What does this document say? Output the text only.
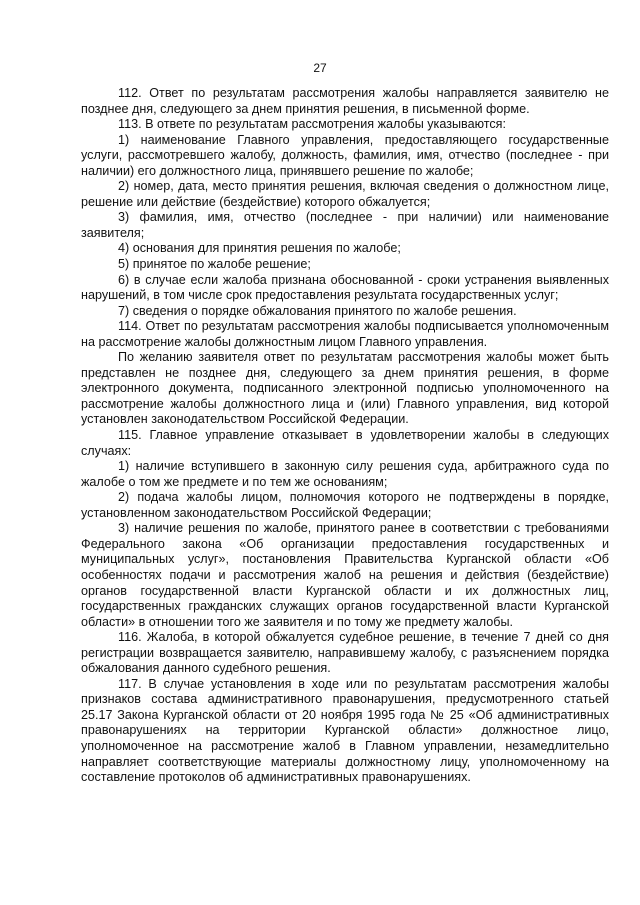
27

112. Ответ по результатам рассмотрения жалобы направляется заявителю не позднее дня, следующего за днем принятия решения, в письменной форме.

113. В ответе по результатам рассмотрения жалобы указываются:

1) наименование Главного управления, предоставляющего государственные услуги, рассмотревшего жалобу, должность, фамилия, имя, отчество (последнее - при наличии) его должностного лица, принявшего решение по жалобе;

2) номер, дата, место принятия решения, включая сведения о должностном лице, решение или действие (бездействие) которого обжалуется;

3) фамилия, имя, отчество (последнее - при наличии) или наименование заявителя;

4) основания для принятия решения по жалобе;

5) принятое по жалобе решение;

6) в случае если жалоба признана обоснованной - сроки устранения выявленных нарушений, в том числе срок предоставления результата государственных услуг;

7) сведения о порядке обжалования принятого по жалобе решения.

114. Ответ по результатам рассмотрения жалобы подписывается уполномоченным на рассмотрение жалобы должностным лицом Главного управления.

По желанию заявителя ответ по результатам рассмотрения жалобы может быть представлен не позднее дня, следующего за днем принятия решения, в форме электронного документа, подписанного электронной подписью уполномоченного на рассмотрение жалобы должностного лица и (или) Главного управления, вид которой установлен законодательством Российской Федерации.

115. Главное управление отказывает в удовлетворении жалобы в следующих случаях:

1) наличие вступившего в законную силу решения суда, арбитражного суда по жалобе о том же предмете и по тем же основаниям;

2) подача жалобы лицом, полномочия которого не подтверждены в порядке, установленном законодательством Российской Федерации;

3) наличие решения по жалобе, принятого ранее в соответствии с требованиями Федерального закона «Об организации предоставления государственных и муниципальных услуг», постановления Правительства Курганской области «Об особенностях подачи и рассмотрения жалоб на решения и действия (бездействие) органов государственной власти Курганской области и их должностных лиц, государственных гражданских служащих органов государственной власти Курганской области» в отношении того же заявителя и по тому же предмету жалобы.

116. Жалоба, в которой обжалуется судебное решение, в течение 7 дней со дня регистрации возвращается заявителю, направившему жалобу, с разъяснением порядка обжалования данного судебного решения.

117. В случае установления в ходе или по результатам рассмотрения жалобы признаков состава административного правонарушения, предусмотренного статьей 25.17 Закона Курганской области от 20 ноября 1995 года № 25 «Об административных правонарушениях на территории Курганской области» должностное лицо, уполномоченное на рассмотрение жалоб в Главном управлении, незамедлительно направляет соответствующие материалы должностному лицу, уполномоченному на составление протоколов об административных правонарушениях.
